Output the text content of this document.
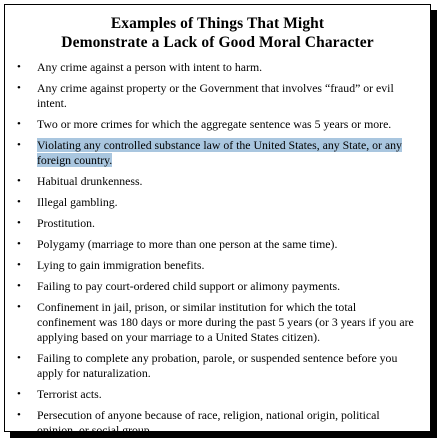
Examples of Things That Might
Demonstrate a Lack of Good Moral Character
• Any crime against a person with intent to harm.
• Any crime against property or the Government that involves “fraud” or evil intent.
• Two or more crimes for which the aggregate sentence was 5 years or more.
• Violating any controlled substance law of the United States, any State, or any foreign country.
• Habitual drunkenness.
• Illegal gambling.
• Prostitution.
• Polygamy (marriage to more than one person at the same time).
• Lying to gain immigration benefits.
• Failing to pay court-ordered child support or alimony payments.
• Confinement in jail, prison, or similar institution for which the total confinement was 180 days or more during the past 5 years (or 3 years if you are applying based on your marriage to a United States citizen).
• Failing to complete any probation, parole, or suspended sentence before you apply for naturalization.
• Terrorist acts.
• Persecution of anyone because of race, religion, national origin, political opinion, or social group.
